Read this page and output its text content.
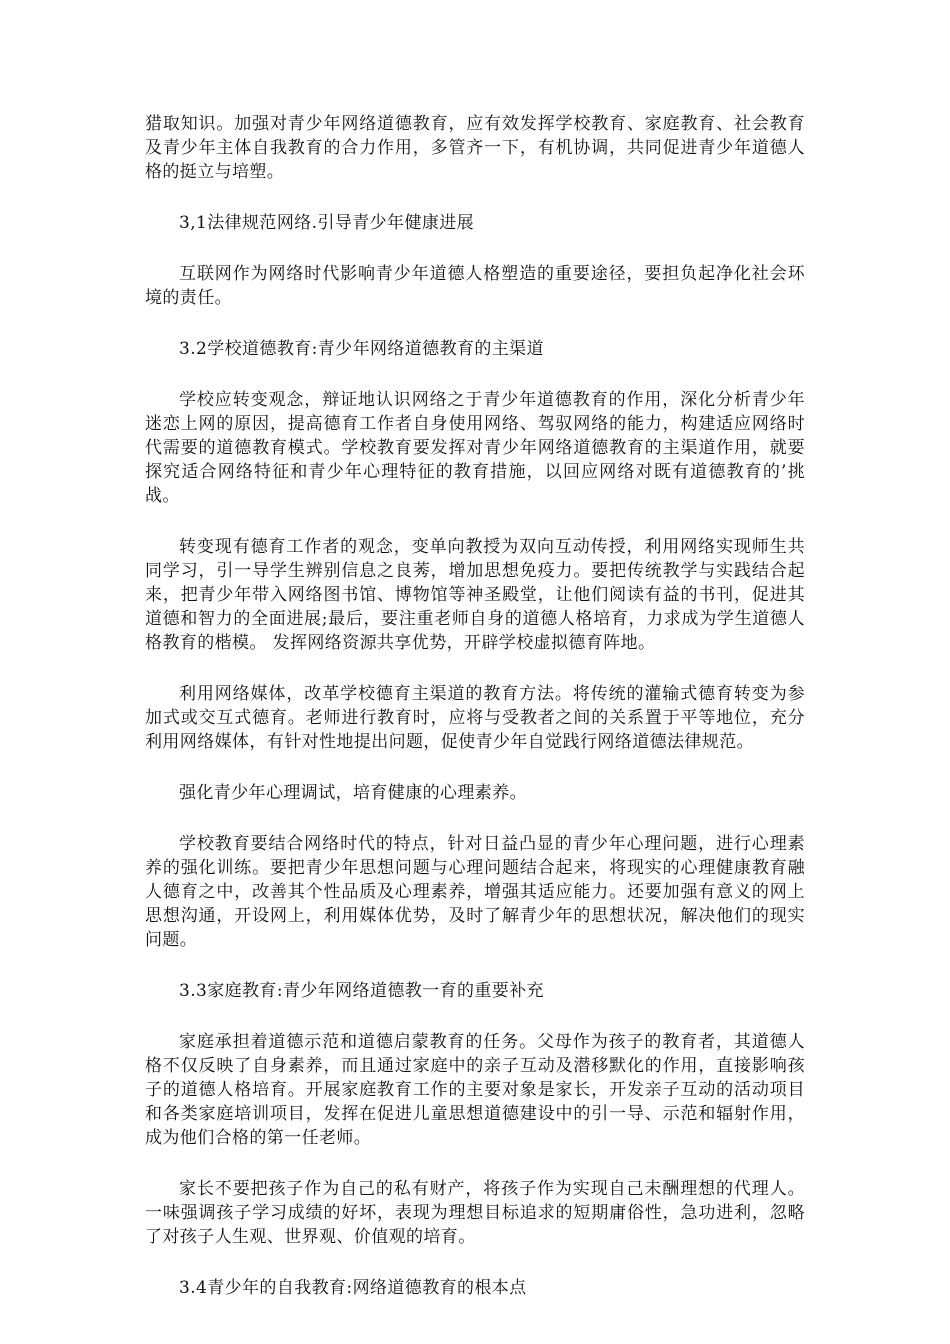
猎取知识。加强对青少年网络道德教育，应有效发挥学校教育、家庭教育、社会教育及青少年主体自我教育的合力作用，多管齐一下，有机协调，共同促进青少年道德人格的挺立与培塑。

3,1法律规范网络.引导青少年健康进展

互联网作为网络时代影响青少年道德人格塑造的重要途径，要担负起净化社会环境的责任。

3.2学校道德教育:青少年网络道德教育的主渠道

学校应转变观念，辩证地认识网络之于青少年道德教育的作用，深化分析青少年迷恋上网的原因，提高德育工作者自身使用网络、驾驭网络的能力，构建适应网络时代需要的道德教育模式。学校教育要发挥对青少年网络道德教育的主渠道作用，就要探究适合网络特征和青少年心理特征的教育措施，以回应网络对既有道德教育的’挑战。

转变现有德育工作者的观念，变单向教授为双向互动传授，利用网络实现师生共同学习，引一导学生辨别信息之良莠，增加思想免疫力。要把传统教学与实践结合起来，把青少年带入网络图书馆、博物馆等神圣殿堂，让他们阅读有益的书刊，促进其道德和智力的全面进展;最后，要注重老师自身的道德人格培育，力求成为学生道德人格教育的楷模。 发挥网络资源共享优势，开辟学校虚拟德育阵地。

利用网络媒体，改革学校德育主渠道的教育方法。将传统的灌输式德育转变为参加式或交互式德育。老师进行教育时，应将与受教者之间的关系置于平等地位，充分利用网络媒体，有针对性地提出问题，促使青少年自觉践行网络道德法律规范。

强化青少年心理调试，培育健康的心理素养。

学校教育要结合网络时代的特点，针对日益凸显的青少年心理问题，进行心理素养的强化训练。要把青少年思想问题与心理问题结合起来，将现实的心理健康教育融人德育之中，改善其个性品质及心理素养，增强其适应能力。还要加强有意义的网上思想沟通，开设网上，利用媒体优势，及时了解青少年的思想状况，解决他们的现实问题。

3.3家庭教育:青少年网络道德教一育的重要补充

家庭承担着道德示范和道德启蒙教育的任务。父母作为孩子的教育者，其道德人格不仅反映了自身素养，而且通过家庭中的亲子互动及潜移默化的作用，直接影响孩子的道德人格培育。开展家庭教育工作的主要对象是家长，开发亲子互动的活动项目和各类家庭培训项目，发挥在促进儿童思想道德建设中的引一导、示范和辐射作用，成为他们合格的第一任老师。

家长不要把孩子作为自己的私有财产，将孩子作为实现自己未酬理想的代理人。一味强调孩子学习成绩的好坏，表现为理想目标追求的短期庸俗性，急功进利，忽略了对孩子人生观、世界观、价值观的培育。

3.4青少年的自我教育:网络道德教育的根本点
